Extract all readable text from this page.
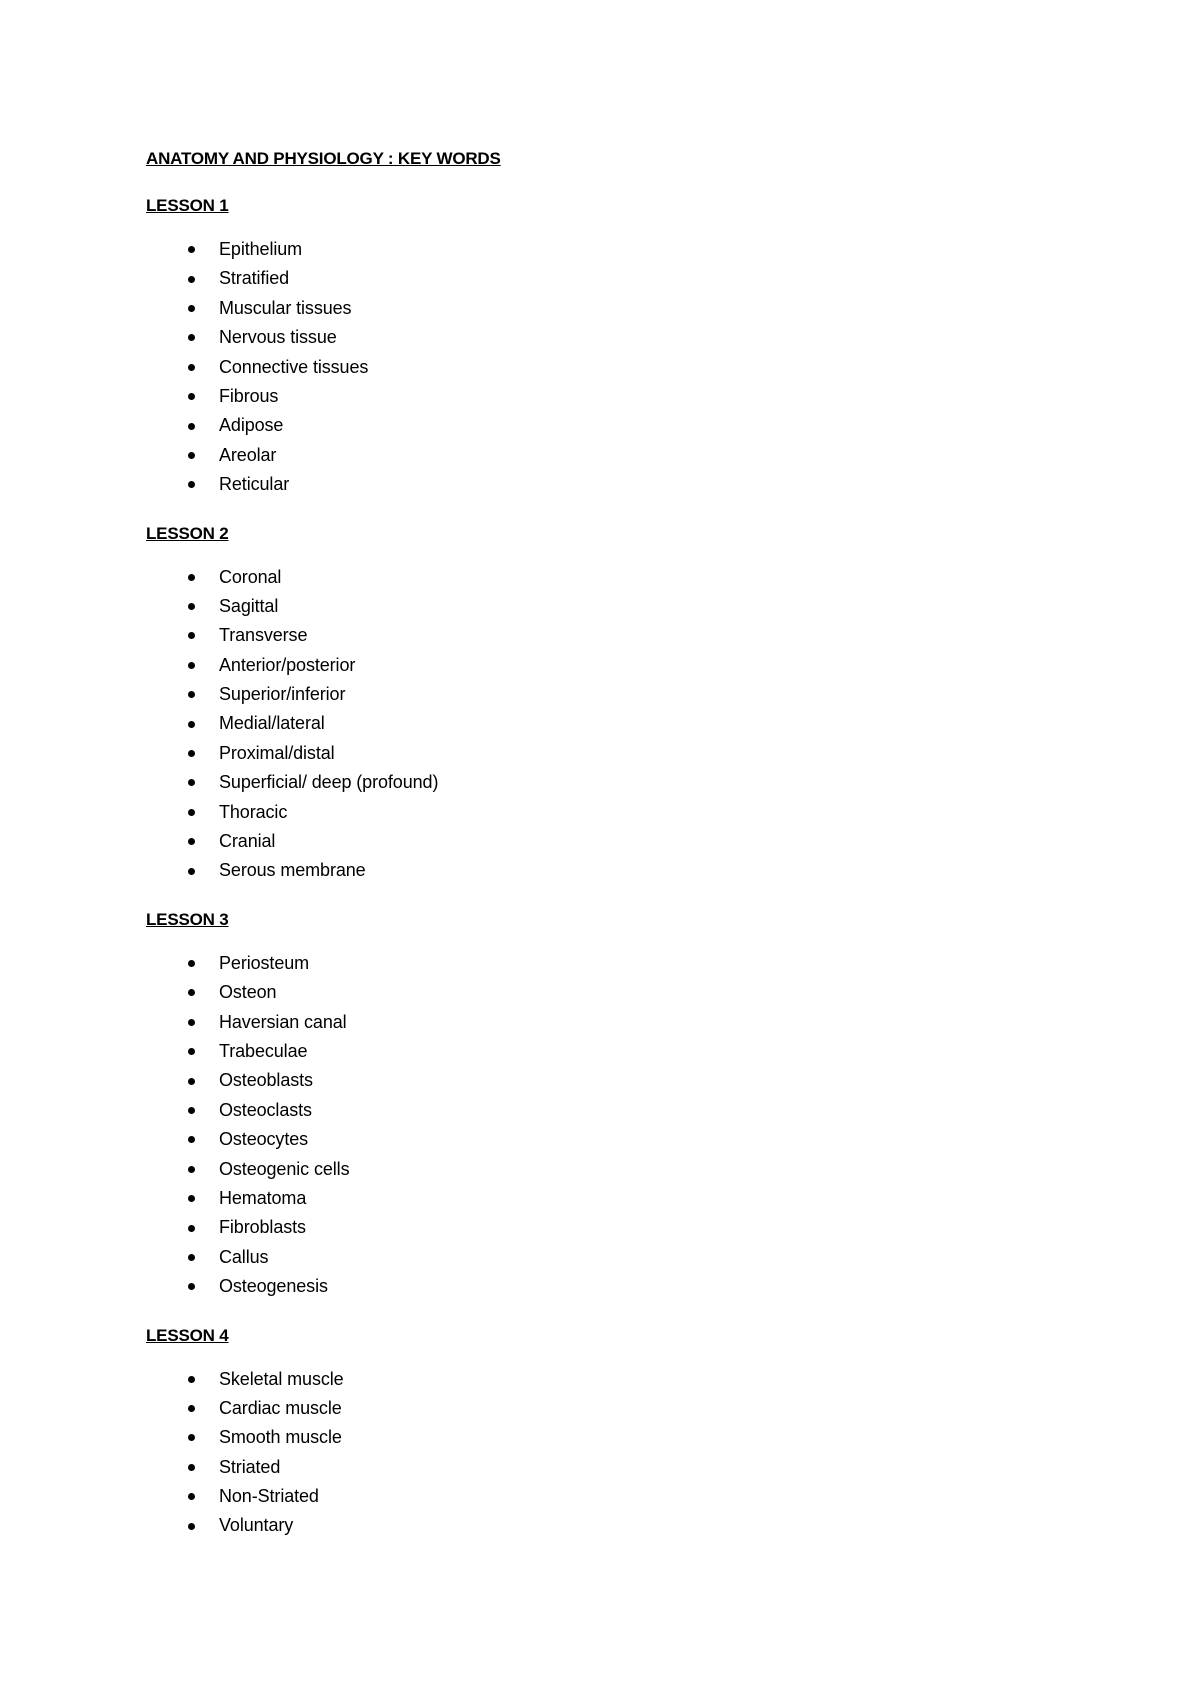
ANATOMY AND PHYSIOLOGY : KEY WORDS
LESSON 1
Epithelium
Stratified
Muscular tissues
Nervous tissue
Connective tissues
Fibrous
Adipose
Areolar
Reticular
LESSON 2
Coronal
Sagittal
Transverse
Anterior/posterior
Superior/inferior
Medial/lateral
Proximal/distal
Superficial/ deep (profound)
Thoracic
Cranial
Serous membrane
LESSON 3
Periosteum
Osteon
Haversian canal
Trabeculae
Osteoblasts
Osteoclasts
Osteocytes
Osteogenic cells
Hematoma
Fibroblasts
Callus
Osteogenesis
LESSON 4
Skeletal muscle
Cardiac muscle
Smooth muscle
Striated
Non-Striated
Voluntary
